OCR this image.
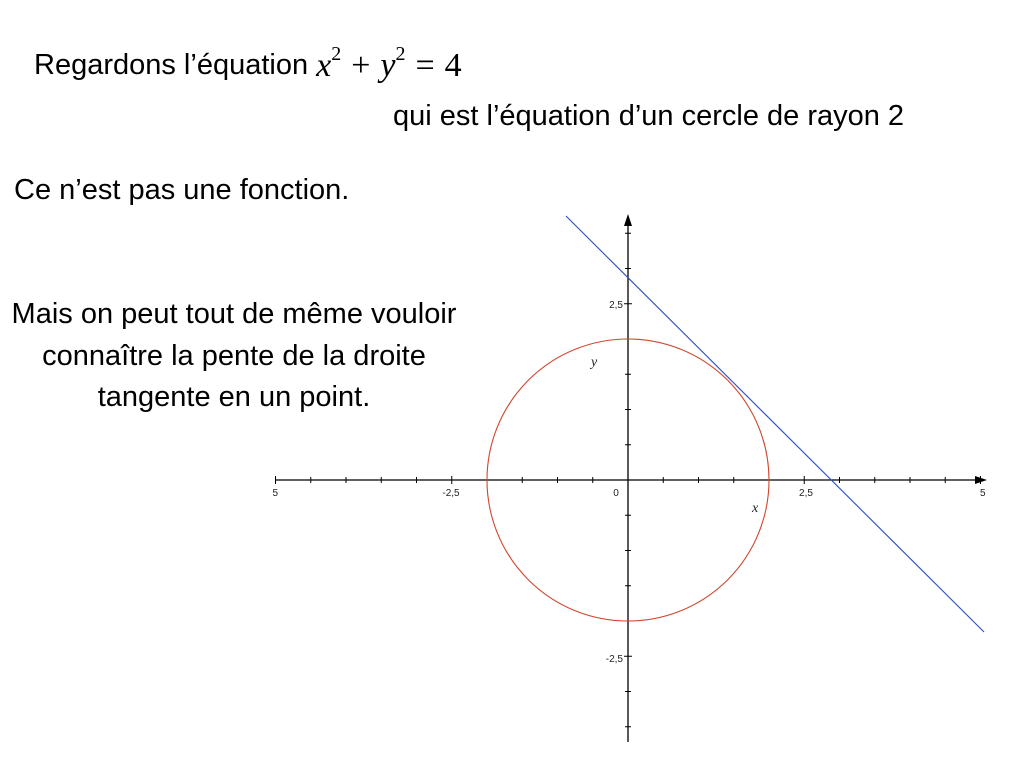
Regardons l’équation $x^2 + y^2 = 4$
qui est l’équation d’un cercle de rayon 2
Ce n’est pas une fonction.
Mais on peut tout de même vouloir connaître la pente de la droite tangente en un point.
5	-2,5	0	2,5	5
2,5
-2,5
x
y
